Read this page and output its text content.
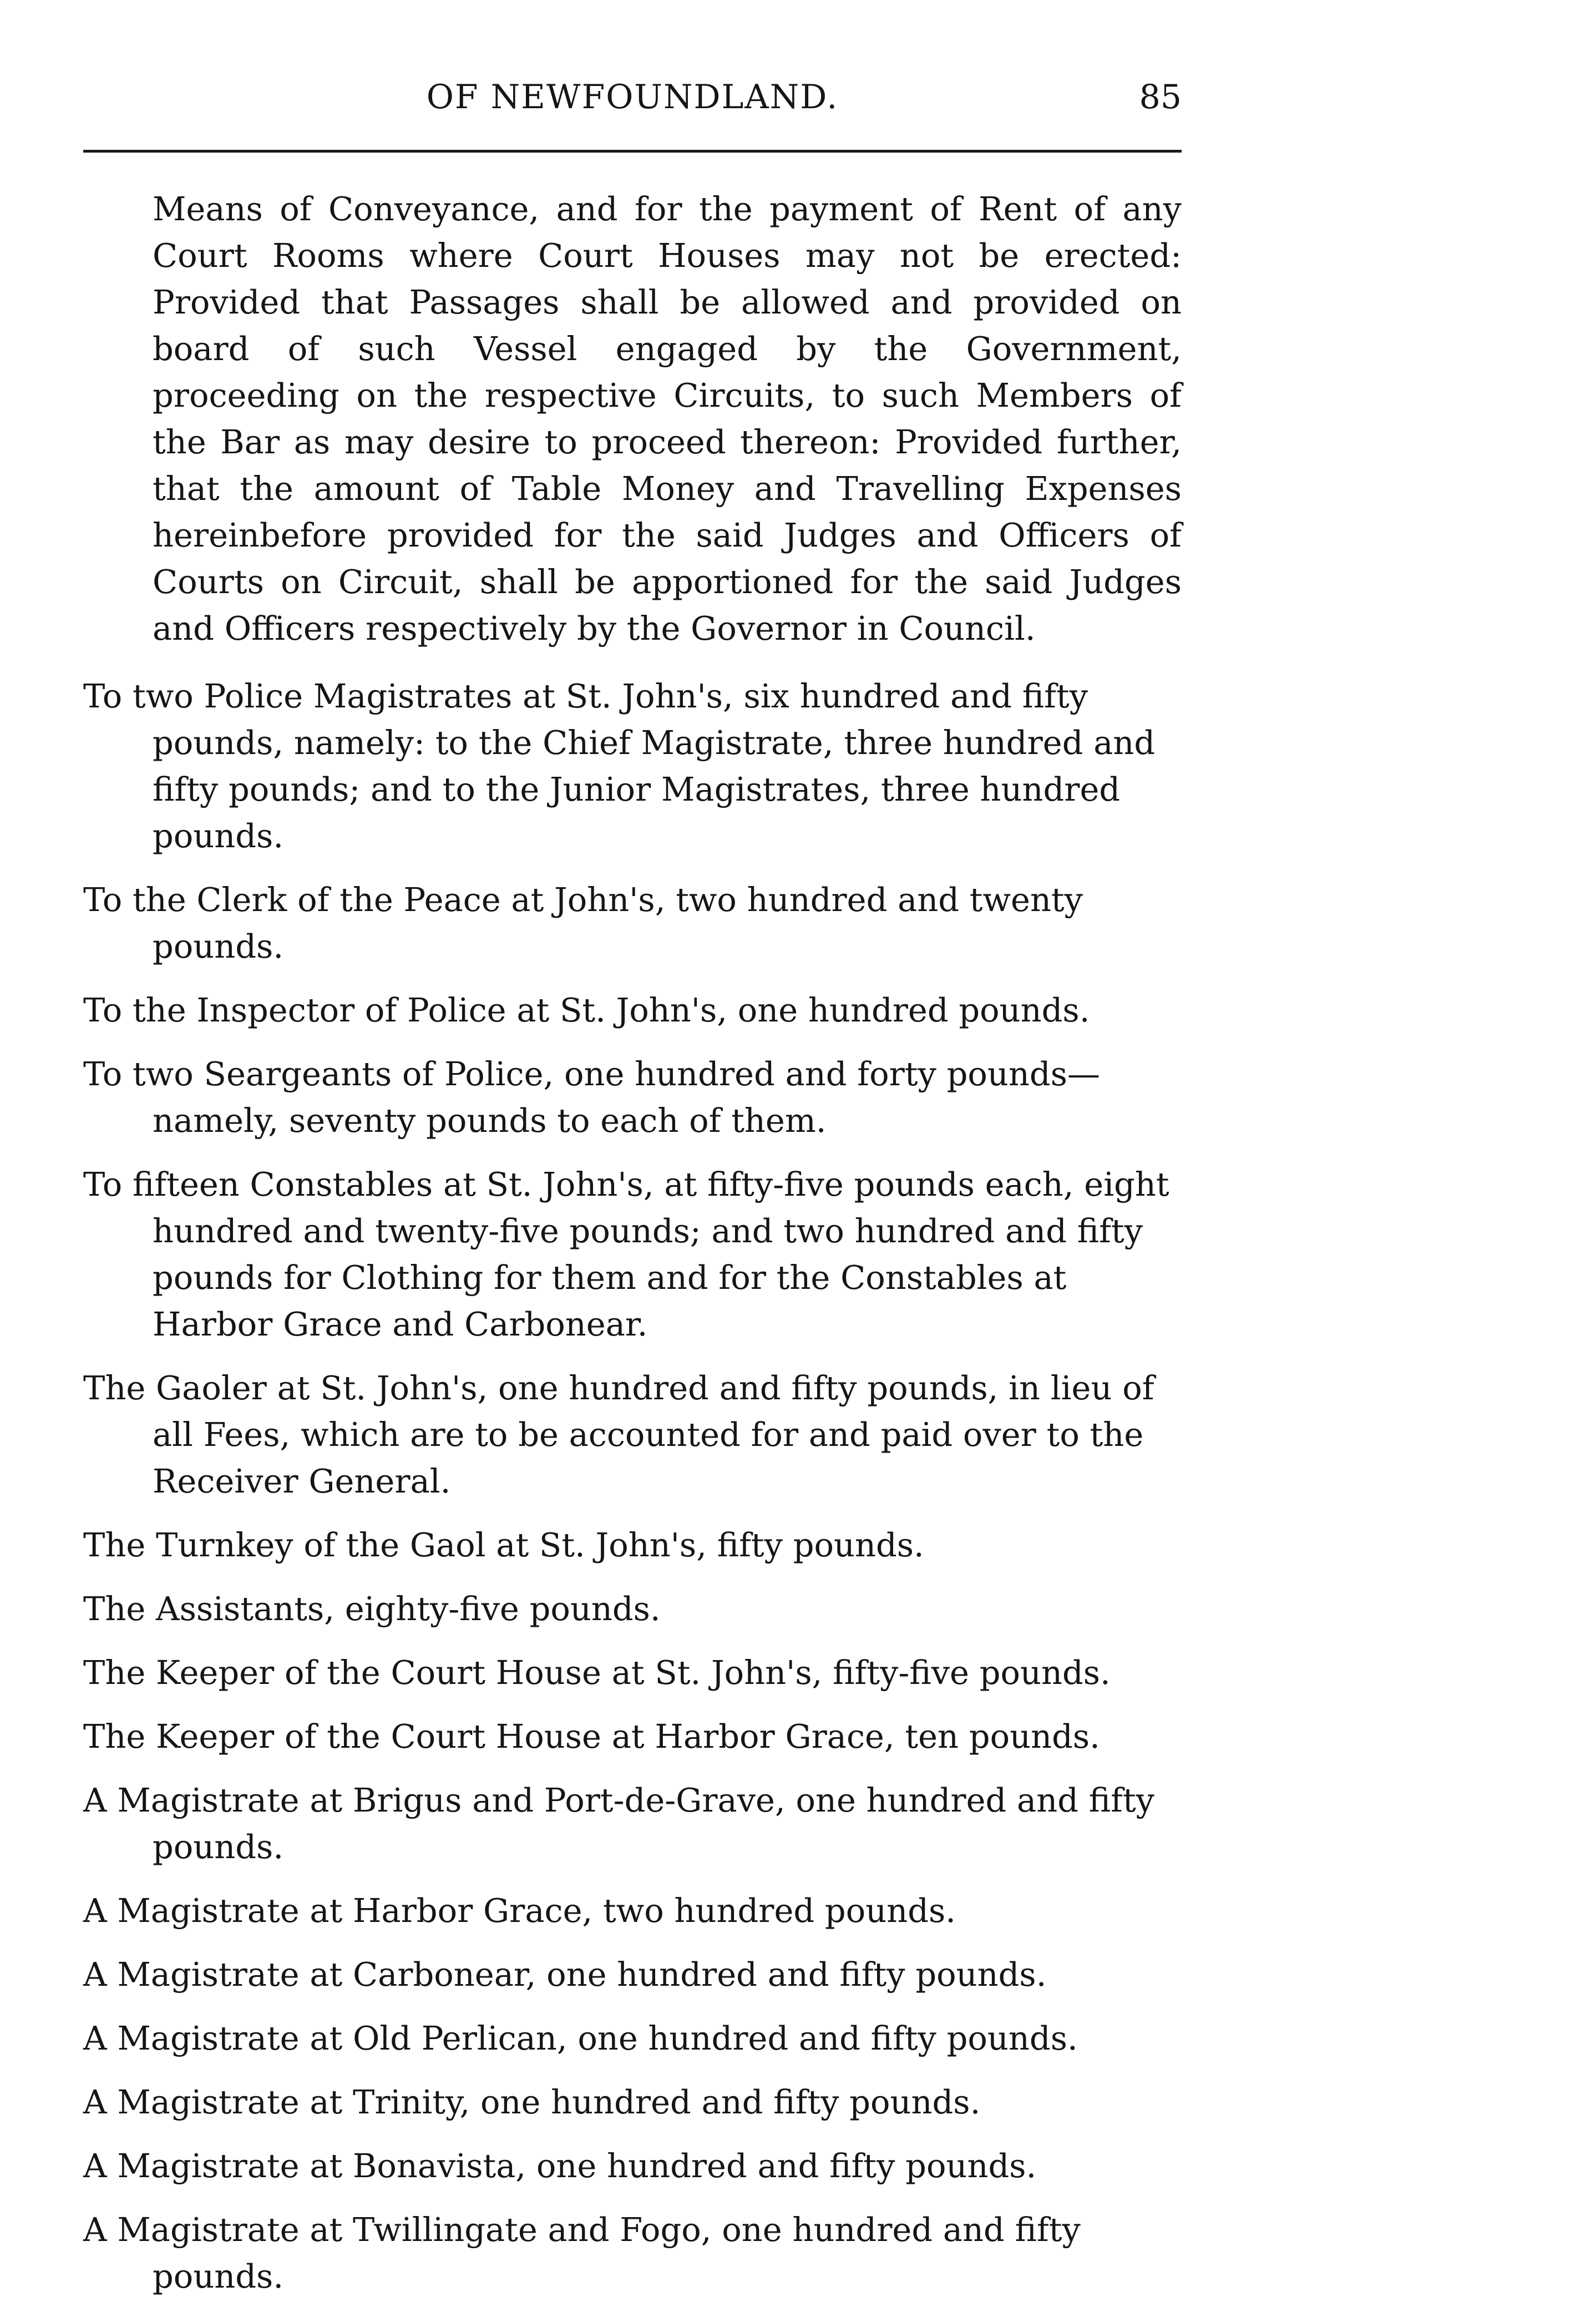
OF NEWFOUNDLAND.	85

Means of Conveyance, and for the payment of Rent of any Court Rooms where Court Houses may not be erected: Provided that Passages shall be allowed and provided on board of such Vessel engaged by the Government, proceeding on the respective Circuits, to such Members of the Bar as may desire to proceed thereon: Provided further, that the amount of Table Money and Travelling Expenses hereinbefore provided for the said Judges and Officers of Courts on Circuit, shall be apportioned for the said Judges and Officers respectively by the Governor in Council.

To two Police Magistrates at St. John's, six hundred and fifty pounds, namely: to the Chief Magistrate, three hundred and fifty pounds; and to the Junior Magistrates, three hundred pounds.

To the Clerk of the Peace at John's, two hundred and twenty pounds.

To the Inspector of Police at St. John's, one hundred pounds.

To two Seargeants of Police, one hundred and forty pounds—namely, seventy pounds to each of them.

To fifteen Constables at St. John's, at fifty-five pounds each, eight hundred and twenty-five pounds; and two hundred and fifty pounds for Clothing for them and for the Constables at Harbor Grace and Carbonear.

The Gaoler at St. John's, one hundred and fifty pounds, in lieu of all Fees, which are to be accounted for and paid over to the Receiver General.

The Turnkey of the Gaol at St. John's, fifty pounds.

The Assistants, eighty-five pounds.

The Keeper of the Court House at St. John's, fifty-five pounds.

The Keeper of the Court House at Harbor Grace, ten pounds.

A Magistrate at Brigus and Port-de-Grave, one hundred and fifty pounds.

A Magistrate at Harbor Grace, two hundred pounds.

A Magistrate at Carbonear, one hundred and fifty pounds.

A Magistrate at Old Perlican, one hundred and fifty pounds.

A Magistrate at Trinity, one hundred and fifty pounds.

A Magistrate at Bonavista, one hundred and fifty pounds.

A Magistrate at Twillingate and Fogo, one hundred and fifty pounds.
